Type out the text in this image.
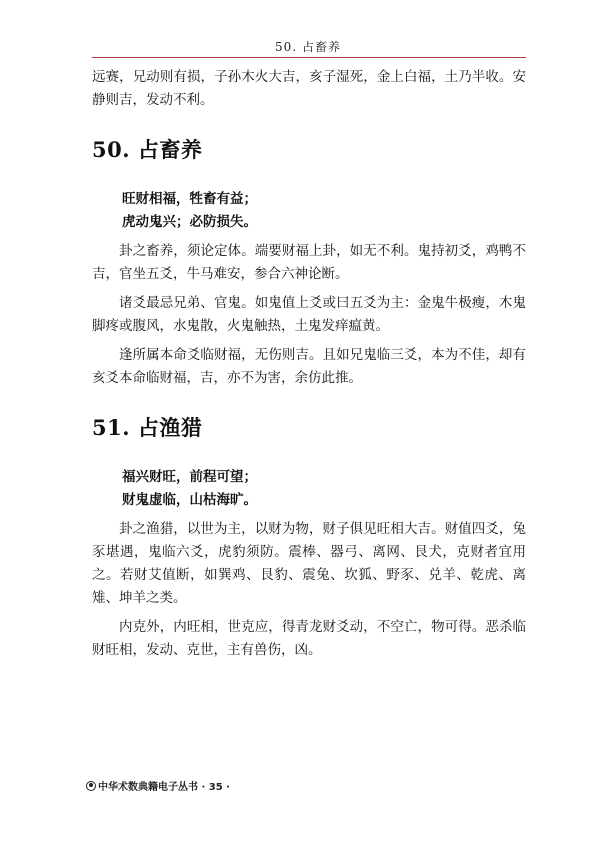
50. 占畜养

远赛，兄动则有损，子孙木火大吉，亥子湿死，金上白福，土乃半收。安静则吉，发动不利。

50. 占畜养

旺财相福，牲畜有益；

虎动鬼兴；必防损失。

卦之畜养，须论定体。端要财福上卦，如无不利。鬼持初爻，鸡鸭不吉，官坐五爻，牛马难安，参合六神论断。

诸爻最忌兄弟、官鬼。如鬼值上爻或曰五爻为主：金鬼牛极瘦，木鬼脚疼或腹风，水鬼散，火鬼触热，土鬼发痒瘟黄。

逢所属本命爻临财福，无伤则吉。且如兄鬼临三爻，本为不佳，却有亥爻本命临财福，吉，亦不为害，余仿此推。

51. 占渔猎

福兴财旺，前程可望；

财鬼虚临，山枯海旷。

卦之渔猎，以世为主，以财为物，财子俱见旺相大吉。财值四爻，兔豕堪遇，鬼临六爻，虎豹须防。震棒、器弓、离网、艮犬，克财者宜用之。若财艾值断，如巽鸡、艮豹、震兔、坎狐、野豕、兑羊、乾虎、离雉、坤羊之类。

内克外，内旺相，世克应，得青龙财爻动，不空亡，物可得。恶杀临财旺相，发动、克世，主有兽伤，凶。

中华术数典籍电子丛书 · 35 ·
